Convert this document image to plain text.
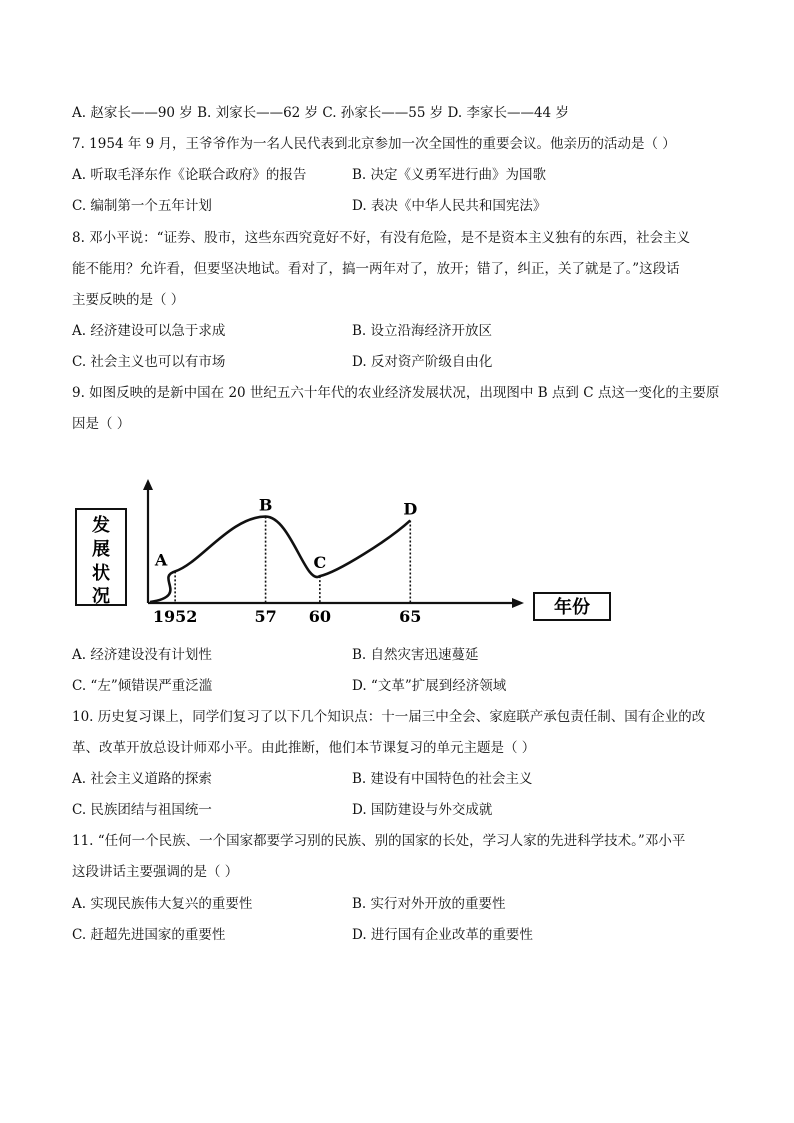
A. 赵家长——90 岁 B. 刘家长——62 岁 C. 孙家长——55 岁 D. 李家长——44 岁
7. 1954 年 9 月，王爷爷作为一名人民代表到北京参加一次全国性的重要会议。他亲历的活动是（ ）
A. 听取毛泽东作《论联合政府》的报告	B. 决定《义勇军进行曲》为国歌
C. 编制第一个五年计划	D. 表决《中华人民共和国宪法》
8. 邓小平说：“证券、股市，这些东西究竟好不好，有没有危险，是不是资本主义独有的东西，社会主义
能不能用？允许看，但要坚决地试。看对了，搞一两年对了，放开；错了，纠正，关了就是了。”这段话
主要反映的是（ ）
A. 经济建设可以急于求成	B. 设立沿海经济开放区
C. 社会主义也可以有市场	D. 反对资产阶级自由化
9. 如图反映的是新中国在 20 世纪五六十年代的农业经济发展状况，出现图中 B 点到 C 点这一变化的主要原
因是（ ）
发
展
状
况
年份
A
1952
B
57
C
60
D
65
A. 经济建设没有计划性	B. 自然灾害迅速蔓延
C. “左”倾错误严重泛滥	D. “文革”扩展到经济领域
10. 历史复习课上，同学们复习了以下几个知识点：十一届三中全会、家庭联产承包责任制、国有企业的改
革、改革开放总设计师邓小平。由此推断，他们本节课复习的单元主题是（ ）
A. 社会主义道路的探索	B. 建设有中国特色的社会主义
C. 民族团结与祖国统一	D. 国防建设与外交成就
11. “任何一个民族、一个国家都要学习别的民族、别的国家的长处，学习人家的先进科学技术。”邓小平
这段讲话主要强调的是（ ）
A. 实现民族伟大复兴的重要性	B. 实行对外开放的重要性
C. 赶超先进国家的重要性	D. 进行国有企业改革的重要性
